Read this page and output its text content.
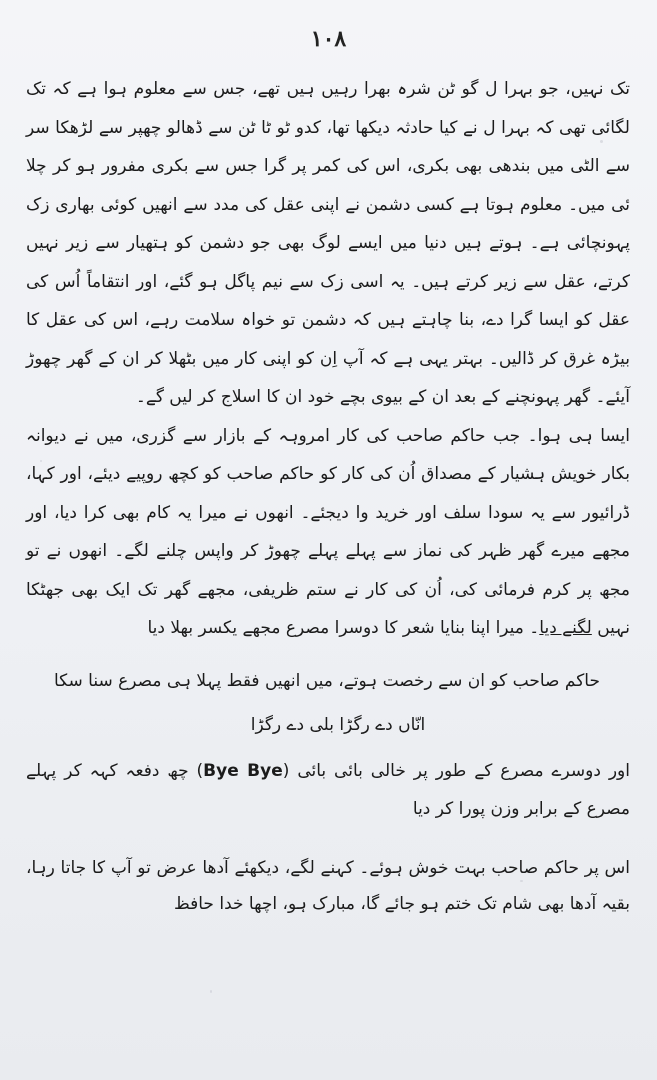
١٠٨

تک نہیں، جو بہرا ل گو ٹن شرہ بھرا رہیں ہیں تھے، جس سے معلوم ہوا ہے کہ تک لگائی تھی کہ بہرا ل نے کیا حادثہ دیکھا تھا، کدو ٹو ٹا ٹن سے ڈھالو چھپر سے لڑھکا سر سے الٹی میں بندھی بھی بکری، اس کی کمر پر گرا جس سے بکری مفرور ہو کر چلا ئی میں۔ معلوم ہوتا ہے کسی دشمن نے اپنی عقل کی مدد سے انھیں کوئی بھاری زک پہونچائی ہے۔ ہوتے ہیں دنیا میں ایسے لوگ بھی جو دشمن کو ہتھیار سے زیر نہیں کرتے، عقل سے زیر کرتے ہیں۔ یہ اسی زک سے نیم پاگل ہو گئے، اور انتقاماً اُس کی عقل کو ایسا گرا دے، بنا چاہتے ہیں کہ دشمن تو خواہ سلامت رہے، اس کی عقل کا بیڑہ غرق کر ڈالیں۔ بہتر یہی ہے کہ آپ اِن کو اپنی کار میں بٹھلا کر ان کے گھر چھوڑ آیئے۔ گھر پہونچنے کے بعد ان کے بیوی بچے خود ان کا اسلاج کر لیں گے۔

ایسا ہی ہوا۔ جب حاکم صاحب کی کار امروہہ کے بازار سے گزری، میں نے دیوانہ بکار خویش ہشیار کے مصداق اُن کی کار کو حاکم صاحب کو کچھ روپیے دیئے، اور کہا، ڈرائیور سے یہ سودا سلف اور خرید وا دیجئے۔ انھوں نے میرا یہ کام بھی کرا دیا، اور مجھے میرے گھر ظہر کی نماز سے پہلے پہلے چھوڑ کر واپس چلنے لگے۔ انھوں نے تو مجھ پر کرم فرمائی کی، اُن کی کار نے ستم ظریفی، مجھے گھر تک ایک بھی جھٹکا نہیں لگنے دیا۔ میرا اپنا بنایا شعر کا دوسرا مصرع مجھے یکسر بھلا دیا

حاکم صاحب کو ان سے رخصت ہوتے، میں انھیں فقط پہلا ہی مصرع سنا سکا

انّاں دے رگڑا بلی دے رگڑا

اور دوسرے مصرع کے طور پر خالی بائی بائی (Bye Bye) چھ دفعہ کہہ کر پہلے مصرع کے برابر وزن پورا کر دیا

اس پر حاکم صاحب بہت خوش ہوئے۔ کہنے لگے، دیکھئے آدھا عرض تو آپ کا جاتا رہا، بقیہ آدھا بھی شام تک ختم ہو جائے گا، مبارک ہو، اچھا خدا حافظ
